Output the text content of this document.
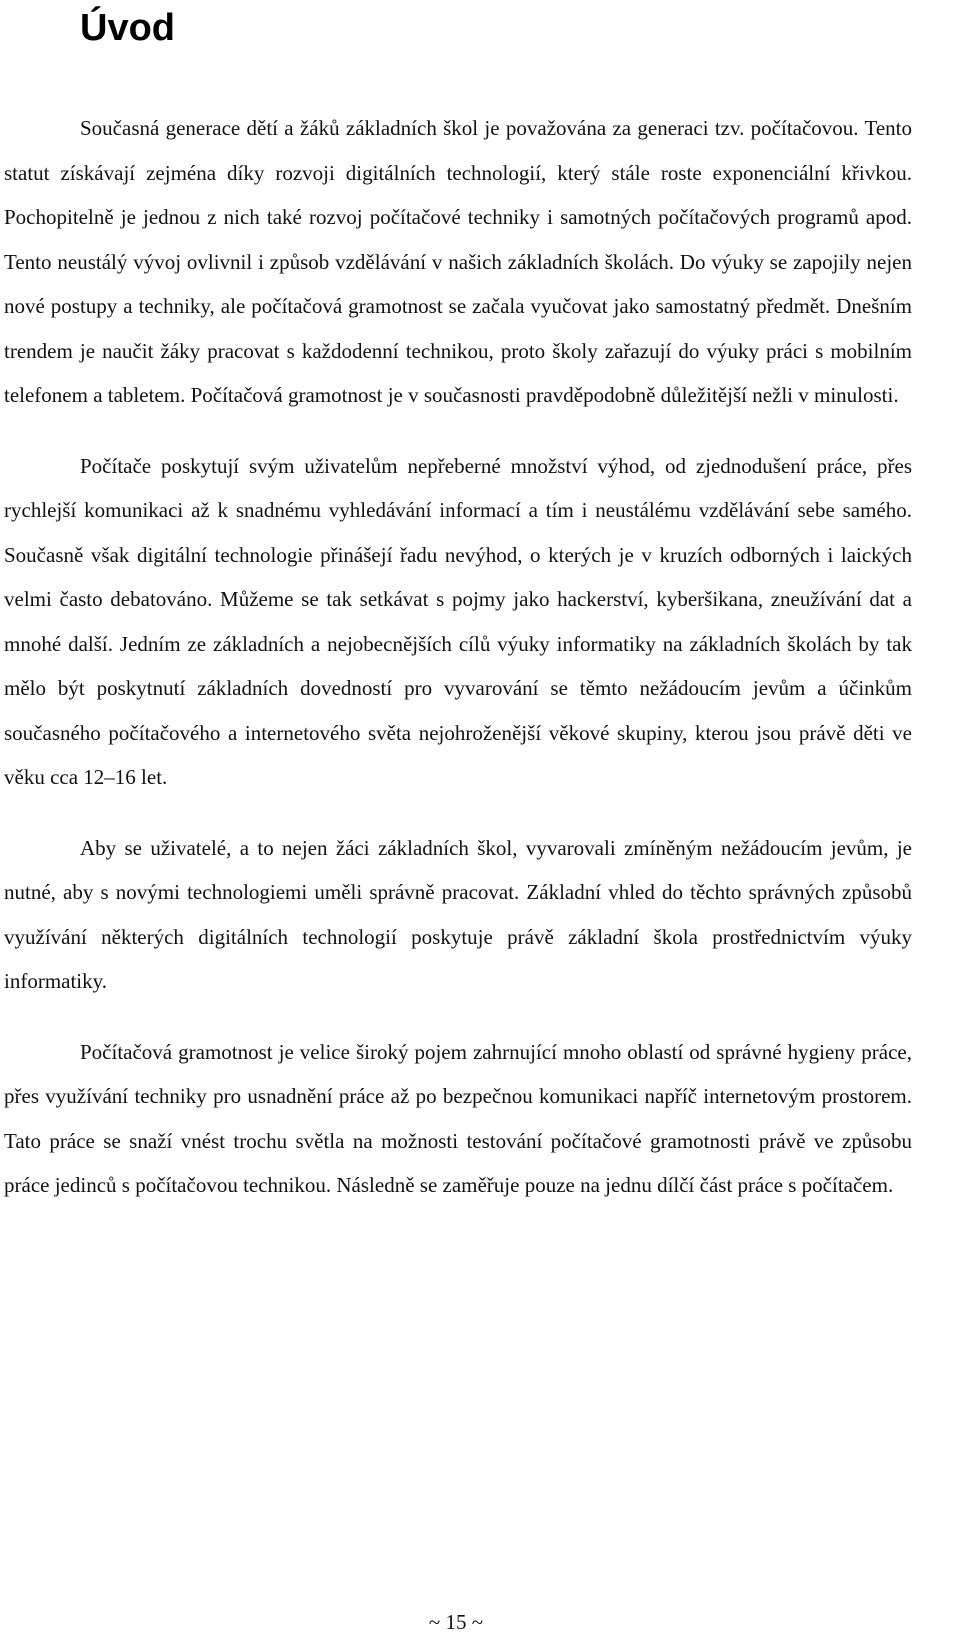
Úvod

Současná generace dětí a žáků základních škol je považována za generaci tzv. počítačovou. Tento statut získávají zejména díky rozvoji digitálních technologií, který stále roste exponenciální křivkou. Pochopitelně je jednou z nich také rozvoj počítačové techniky i samotných počítačových programů apod. Tento neustálý vývoj ovlivnil i způsob vzdělávání v našich základních školách. Do výuky se zapojily nejen nové postupy a techniky, ale počítačová gramotnost se začala vyučovat jako samostatný předmět. Dnešním trendem je naučit žáky pracovat s každodenní technikou, proto školy zařazují do výuky práci s mobilním telefonem a tabletem. Počítačová gramotnost je v současnosti pravděpodobně důležitější nežli v minulosti.

Počítače poskytují svým uživatelům nepřeberné množství výhod, od zjednodušení práce, přes rychlejší komunikaci až k snadnému vyhledávání informací a tím i neustálému vzdělávání sebe samého. Současně však digitální technologie přinášejí řadu nevýhod, o kterých je v kruzích odborných i laických velmi často debatováno. Můžeme se tak setkávat s pojmy jako hackerství, kyberšikana, zneužívání dat a mnohé další. Jedním ze základních a nejobecnějších cílů výuky informatiky na základních školách by tak mělo být poskytnutí základních dovedností pro vyvarování se těmto nežádoucím jevům a účinkům současného počítačového a internetového světa nejohroženější věkové skupiny, kterou jsou právě děti ve věku cca 12–16 let.

Aby se uživatelé, a to nejen žáci základních škol, vyvarovali zmíněným nežádoucím jevům, je nutné, aby s novými technologiemi uměli správně pracovat. Základní vhled do těchto správných způsobů využívání některých digitálních technologií poskytuje právě základní škola prostřednictvím výuky informatiky.

Počítačová gramotnost je velice široký pojem zahrnující mnoho oblastí od správné hygieny práce, přes využívání techniky pro usnadnění práce až po bezpečnou komunikaci napříč internetovým prostorem. Tato práce se snaží vnést trochu světla na možnosti testování počítačové gramotnosti právě ve způsobu práce jedinců s počítačovou technikou. Následně se zaměřuje pouze na jednu dílčí část práce s počítačem.

~ 15 ~
